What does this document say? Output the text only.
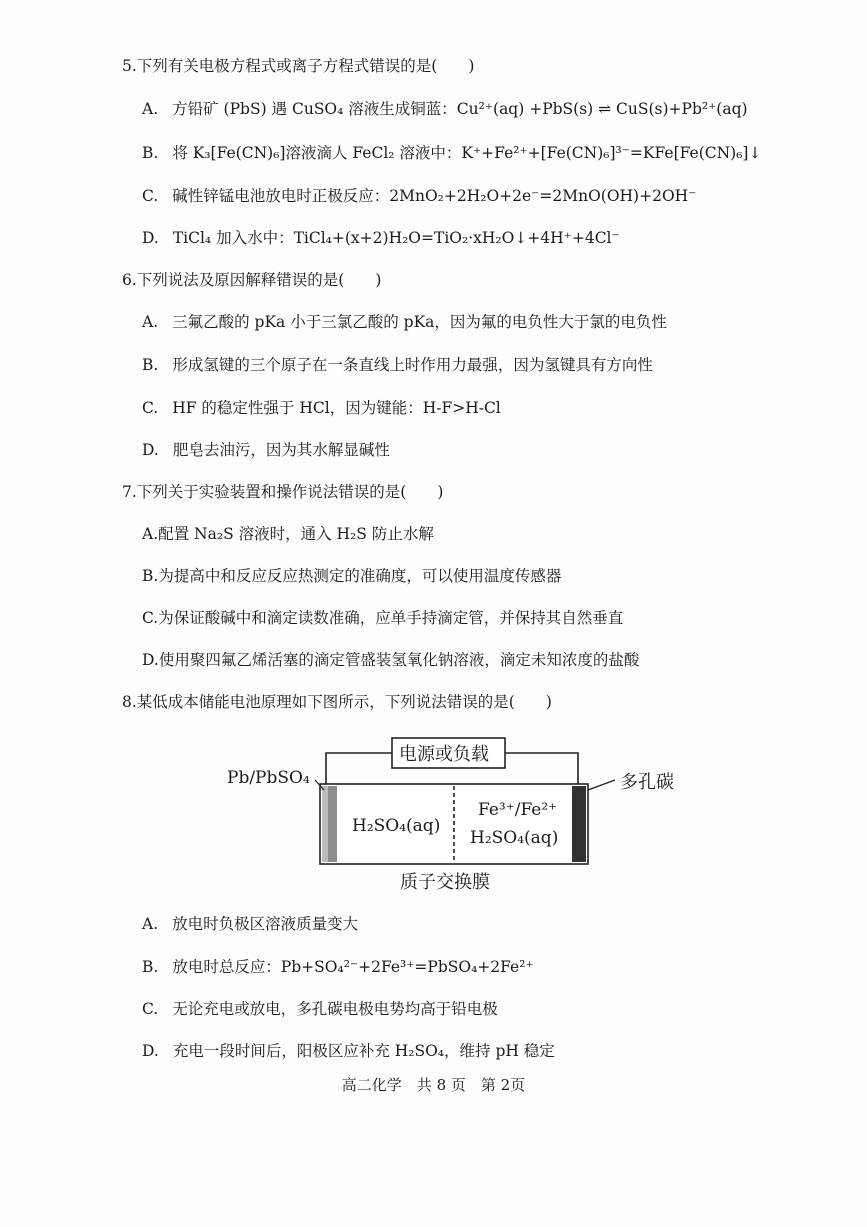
5.下列有关电极方程式或离子方程式错误的是(　　)
A. 方铅矿 (PbS) 遇 CuSO₄ 溶液生成铜蓝：Cu²⁺(aq) +PbS(s) ⇌ CuS(s)+Pb²⁺(aq)
B. 将 K₃[Fe(CN)₆]溶液滴人 FeCl₂ 溶液中：K⁺+Fe²⁺+[Fe(CN)₆]³⁻=KFe[Fe(CN)₆]↓
C. 碱性锌锰电池放电时正极反应：2MnO₂+2H₂O+2e⁻=2MnO(OH)+2OH⁻
D. TiCl₄ 加入水中：TiCl₄+(x+2)H₂O=TiO₂·xH₂O↓+4H⁺+4Cl⁻
6.下列说法及原因解释错误的是(　　)
A. 三氟乙酸的 pKa 小于三氯乙酸的 pKa，因为氟的电负性大于氯的电负性
B. 形成氢键的三个原子在一条直线上时作用力最强，因为氢键具有方向性
C. HF 的稳定性强于 HCl，因为键能：H-F>H-Cl
D. 肥皂去油污，因为其水解显碱性
7.下列关于实验装置和操作说法错误的是(　　)
A.配置 Na₂S 溶液时，通入 H₂S 防止水解
B.为提高中和反应反应热测定的准确度，可以使用温度传感器
C.为保证酸碱中和滴定读数准确，应单手持滴定管，并保持其自然垂直
D.使用聚四氟乙烯活塞的滴定管盛装氢氧化钠溶液，滴定未知浓度的盐酸
8.某低成本储能电池原理如下图所示，下列说法错误的是(　　)
电源或负载
Pb/PbSO₄	多孔碳
H₂SO₄(aq)
Fe³⁺/Fe²⁺
H₂SO₄(aq)
质子交换膜
A. 放电时负极区溶液质量变大
B. 放电时总反应：Pb+SO₄²⁻+2Fe³⁺=PbSO₄+2Fe²⁺
C. 无论充电或放电，多孔碳电极电势均高于铅电极
D. 充电一段时间后，阳极区应补充 H₂SO₄，维持 pH 稳定
高二化学　共 8 页　第 2页
